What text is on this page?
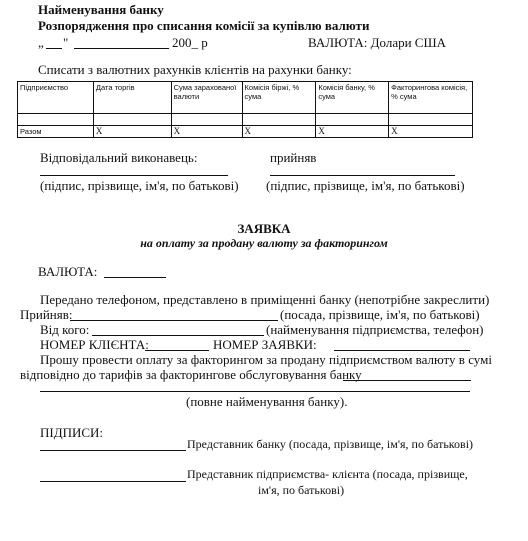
Найменування банку
Розпорядження про списання комісії за купівлю валюти
„ "	200_ р	ВАЛЮТА: Долари США
Списати з валютних рахунків клієнтів на рахунки банку:
Підприємство	Дата торгів	Сума зарахованої валюти	Комісія біржі, % сума	Комісія банку, % сума	Факторингова комісія, % сума

Разом	Х	Х	Х	Х	Х
Відповідальний виконавець:	прийняв
(підпис, прізвище, ім'я, по батькові) (підпис, прізвище, ім'я, по батькові)
ЗАЯВКА
на оплату за продану валюту за факторингом
ВАЛЮТА:
Передано телефоном, представлено в приміщенні банку (непотрібне закреслити)
Прийняв:	(посада, прізвище, ім'я, по батькові)
Від кого:	(найменування підприємства, телефон)
НОМЕР КЛІЄНТА:	НОМЕР ЗАЯВКИ:
Прошу провести оплату за факторингом за продану підприємством валюту в сумі
відповідно до тарифів за факторингове обслуговування банку
(повне найменування банку).
ПІДПИСИ:
Представник банку (посада, прізвище, ім'я, по батькові)
Представник підприємства- клієнта (посада, прізвище,
ім'я, по батькові)
